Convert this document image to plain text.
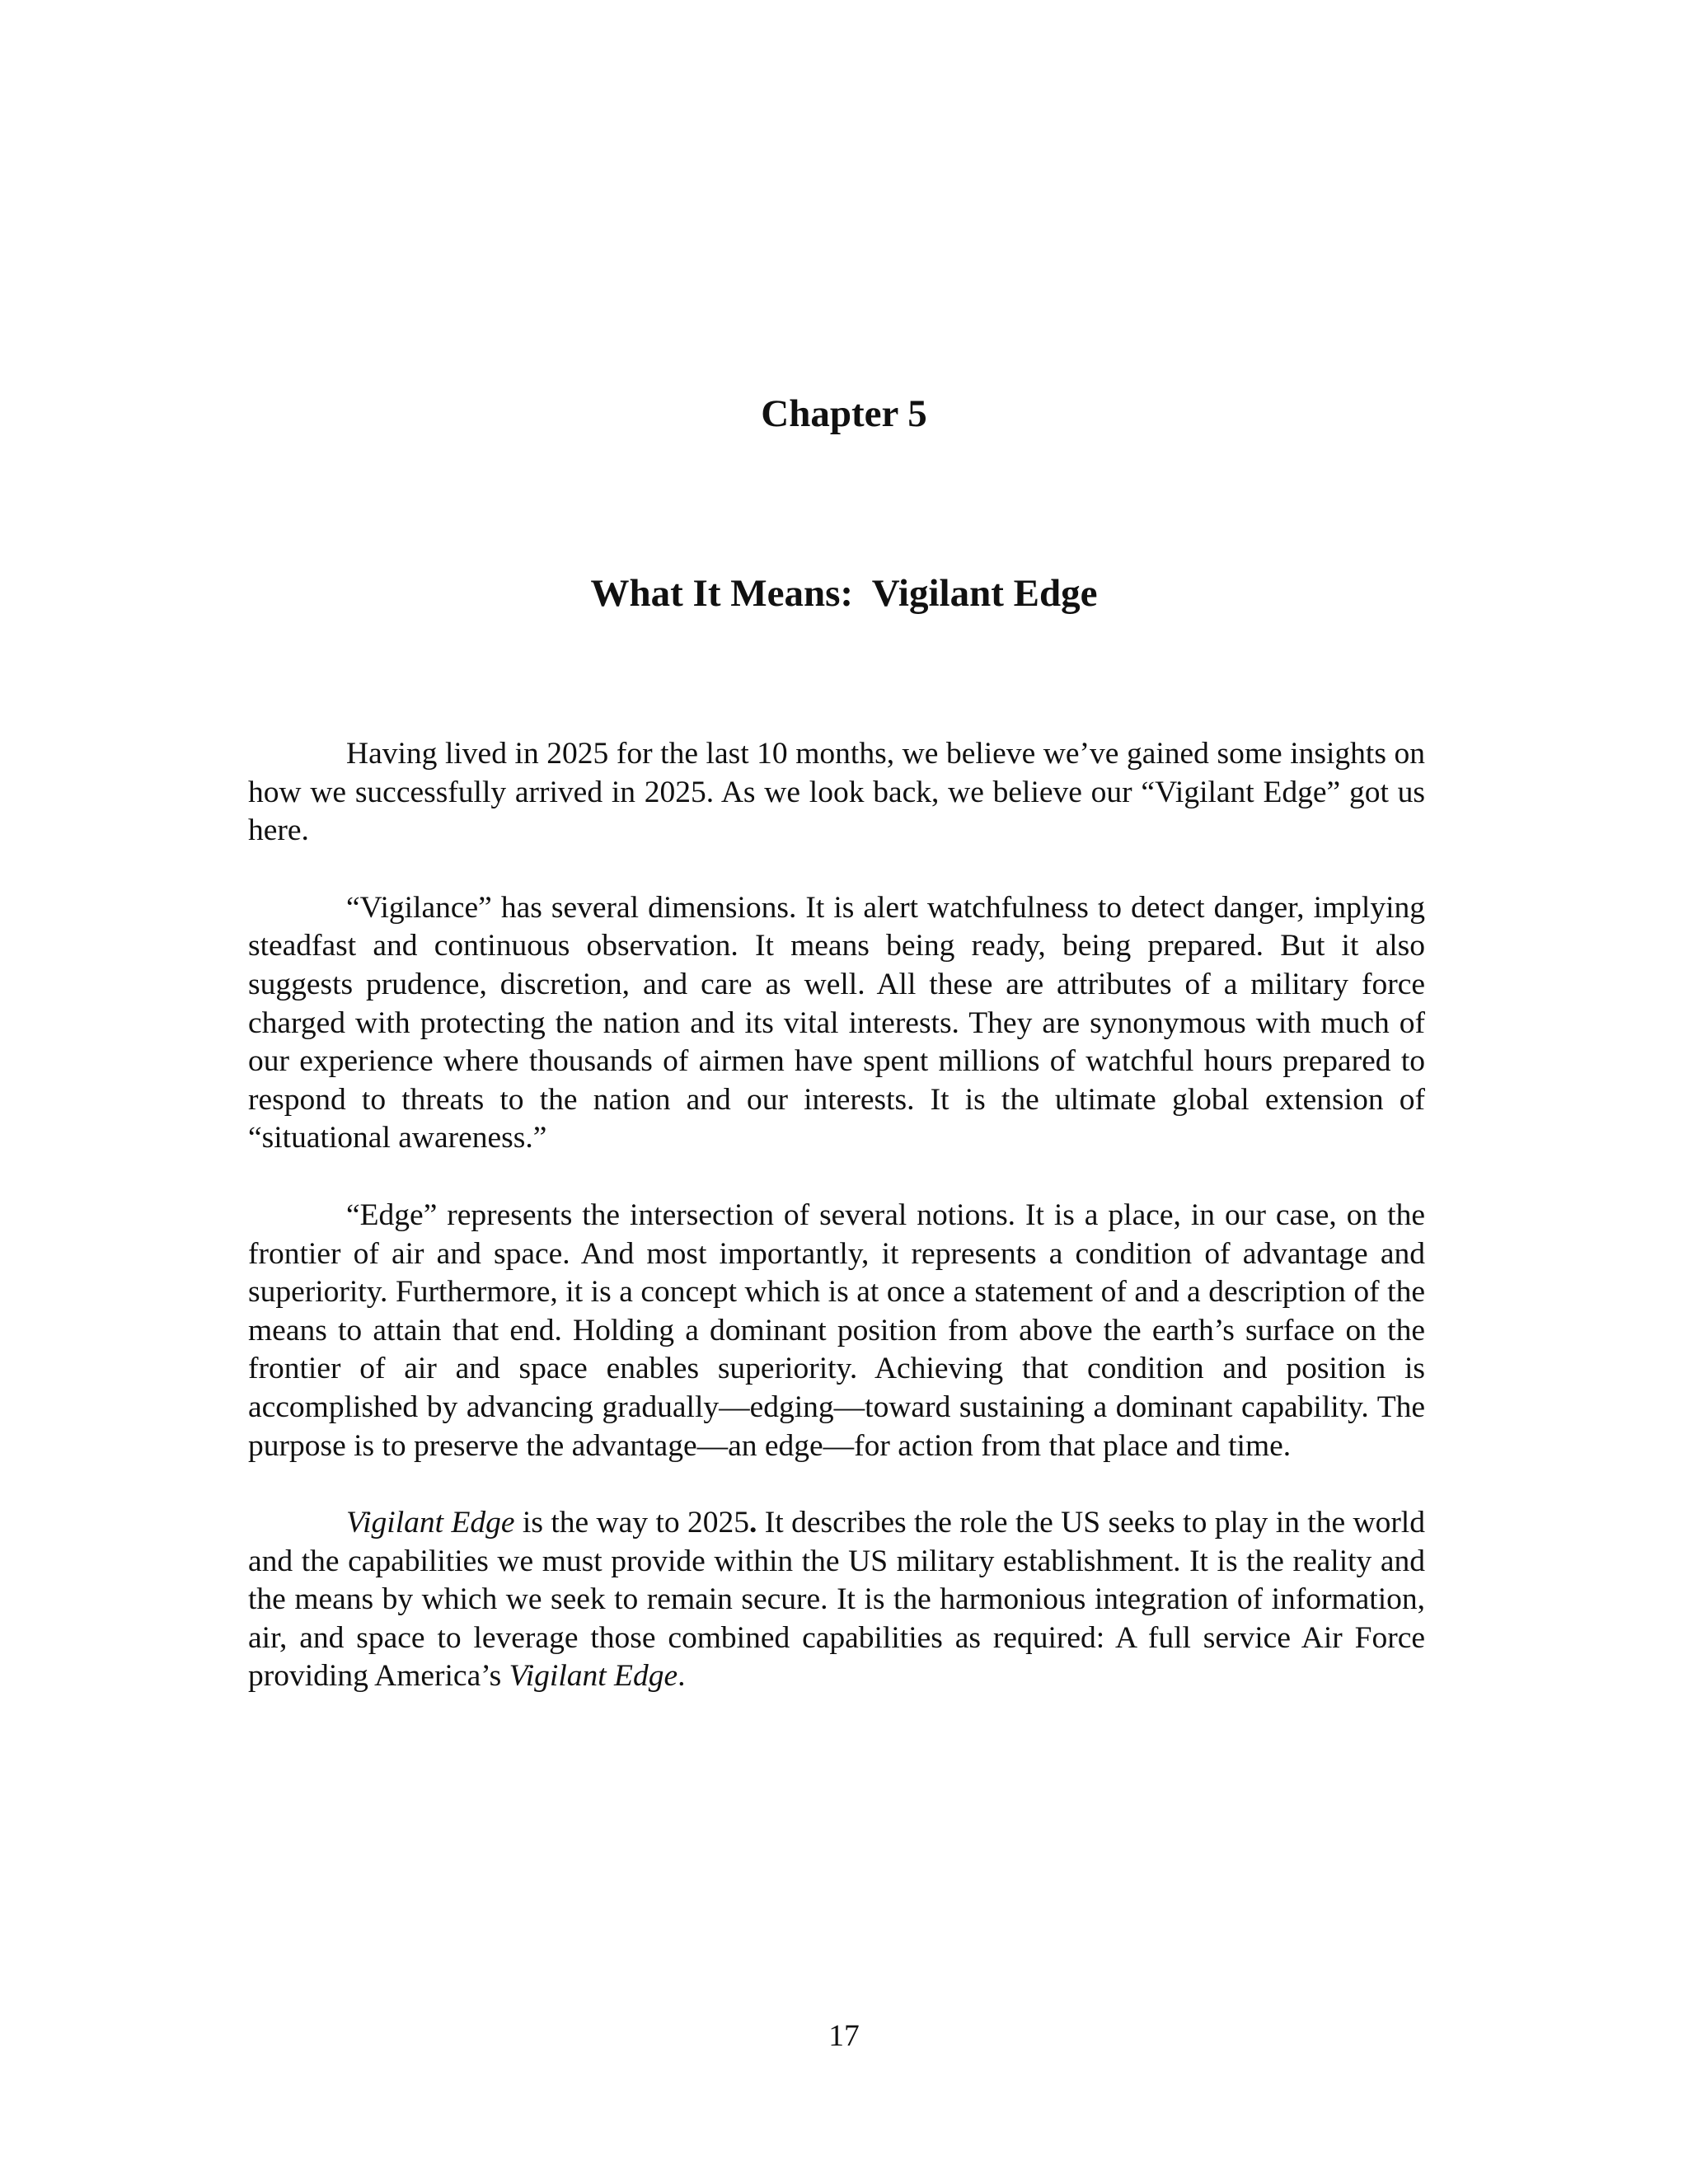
Chapter 5
What It Means:  Vigilant Edge

Having lived in 2025 for the last 10 months, we believe we’ve gained some insights on how we successfully arrived in 2025. As we look back, we believe our “Vigilant Edge” got us here.

“Vigilance” has several dimensions. It is alert watchfulness to detect danger, implying steadfast and continuous observation. It means being ready, being prepared. But it also suggests prudence, discretion, and care as well. All these are attributes of a military force charged with protecting the nation and its vital interests. They are synonymous with much of our experience where thousands of airmen have spent millions of watchful hours prepared to respond to threats to the nation and our interests. It is the ultimate global extension of “situational awareness.”

“Edge” represents the intersection of several notions. It is a place, in our case, on the frontier of air and space. And most importantly, it represents a condition of advantage and superiority. Furthermore, it is a concept which is at once a statement of and a description of the means to attain that end. Holding a dominant position from above the earth’s surface on the frontier of air and space enables superiority. Achieving that condition and position is accomplished by advancing gradually—edging—toward sustaining a dominant capability. The purpose is to preserve the advantage—an edge—for action from that place and time.

Vigilant Edge is the way to 2025. It describes the role the US seeks to play in the world and the capabilities we must provide within the US military establishment. It is the reality and the means by which we seek to remain secure. It is the harmonious integration of information, air, and space to leverage those combined capabilities as required: A full service Air Force providing America’s Vigilant Edge.

17
